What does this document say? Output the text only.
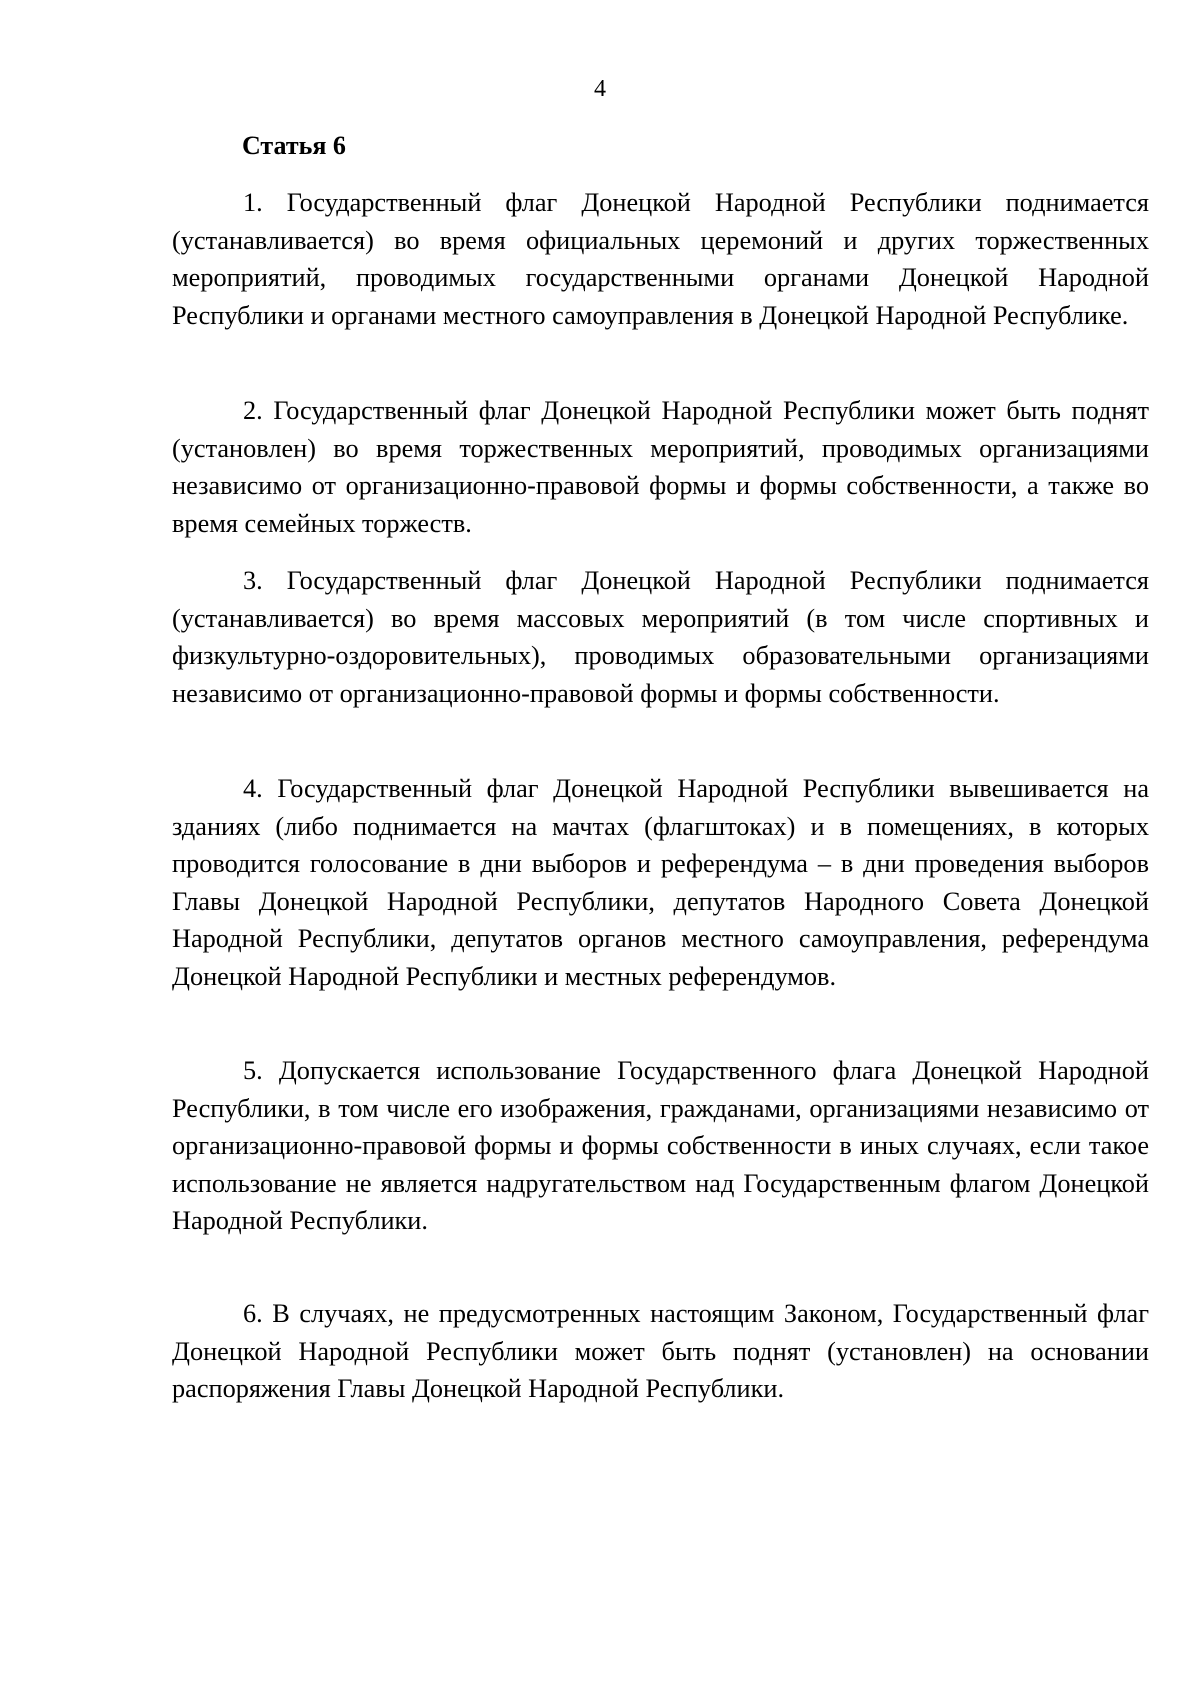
4
Статья 6

1. Государственный флаг Донецкой Народной Республики поднимается (устанавливается) во время официальных церемоний и других торжественных мероприятий, проводимых государственными органами Донецкой Народной Республики и органами местного самоуправления в Донецкой Народной Республике.

2. Государственный флаг Донецкой Народной Республики может быть поднят (установлен) во время торжественных мероприятий, проводимых организациями независимо от организационно-правовой формы и формы собственности, а также во время семейных торжеств.

3. Государственный флаг Донецкой Народной Республики поднимается (устанавливается) во время массовых мероприятий (в том числе спортивных и физкультурно-оздоровительных), проводимых образовательными организациями независимо от организационно-правовой формы и формы собственности.

4. Государственный флаг Донецкой Народной Республики вывешивается на зданиях (либо поднимается на мачтах (флагштоках) и в помещениях, в которых проводится голосование в дни выборов и референдума – в дни проведения выборов Главы Донецкой Народной Республики, депутатов Народного Совета Донецкой Народной Республики, депутатов органов местного самоуправления, референдума Донецкой Народной Республики и местных референдумов.

5. Допускается использование Государственного флага Донецкой Народной Республики, в том числе его изображения, гражданами, организациями независимо от организационно-правовой формы и формы собственности в иных случаях, если такое использование не является надругательством над Государственным флагом Донецкой Народной Республики.

6. В случаях, не предусмотренных настоящим Законом, Государственный флаг Донецкой Народной Республики может быть поднят (установлен) на основании распоряжения Главы Донецкой Народной Республики.
